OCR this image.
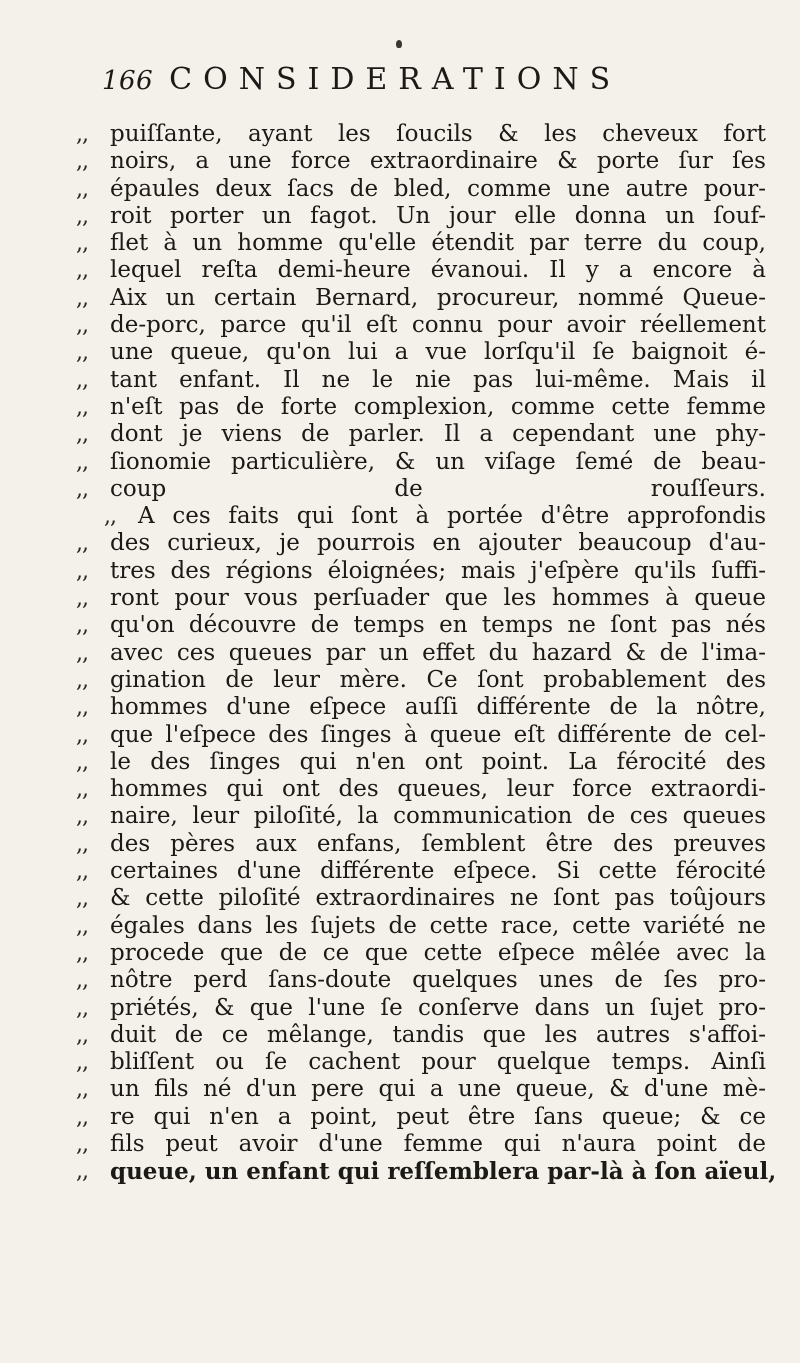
166 CONSIDERATIONS
,, puiſſante, ayant les ſoucils & les cheveux fort
,, noirs, a une force extraordinaire & porte ſur ſes
,, épaules deux ſacs de bled, comme une autre pour-
,, roit porter un fagot. Un jour elle donna un ſouf-
,, flet à un homme qu'elle étendit par terre du coup,
,, lequel reſta demi-heure évanoui. Il y a encore à
,, Aix un certain Bernard, procureur, nommé Queue-
,, de-porc, parce qu'il eſt connu pour avoir réellement
,, une queue, qu'on lui a vue lorſqu'il ſe baignoit é-
,, tant enfant. Il ne le nie pas lui-même. Mais il
,, n'eſt pas de forte complexion, comme cette femme
,, dont je viens de parler. Il a cependant une phy-
,, ſionomie particulière, & un viſage ſemé de beau-
,, coup de rouſſeurs.
,, A ces faits qui ſont à portée d'être approfondis
,, des curieux, je pourrois en ajouter beaucoup d'au-
,, tres des régions éloignées; mais j'eſpère qu'ils ſuffi-
,, ront pour vous perſuader que les hommes à queue
,, qu'on découvre de temps en temps ne ſont pas nés
,, avec ces queues par un effet du hazard & de l'ima-
,, gination de leur mère. Ce ſont probablement des
,, hommes d'une eſpece auſſi différente de la nôtre,
,, que l'eſpece des ſinges à queue eſt différente de cel-
,, le des ſinges qui n'en ont point. La férocité des
,, hommes qui ont des queues, leur force extraordi-
,, naire, leur piloſité, la communication de ces queues
,, des pères aux enfans, ſemblent être des preuves
,, certaines d'une différente eſpece. Si cette férocité
,, & cette piloſité extraordinaires ne ſont pas toûjours
,, égales dans les ſujets de cette race, cette variété ne
,, procede que de ce que cette eſpece mêlée avec la
,, nôtre perd ſans-doute quelques unes de ſes pro-
,, priétés, & que l'une ſe conſerve dans un ſujet pro-
,, duit de ce mêlange, tandis que les autres s'affoi-
,, bliſſent ou ſe cachent pour quelque temps. Ainſi
,, un fils né d'un pere qui a une queue, & d'une mè-
,, re qui n'en a point, peut être ſans queue; & ce
,, fils peut avoir d'une femme qui n'aura point de
,, queue, un enfant qui reſſemblera par-là à ſon aïeul,
